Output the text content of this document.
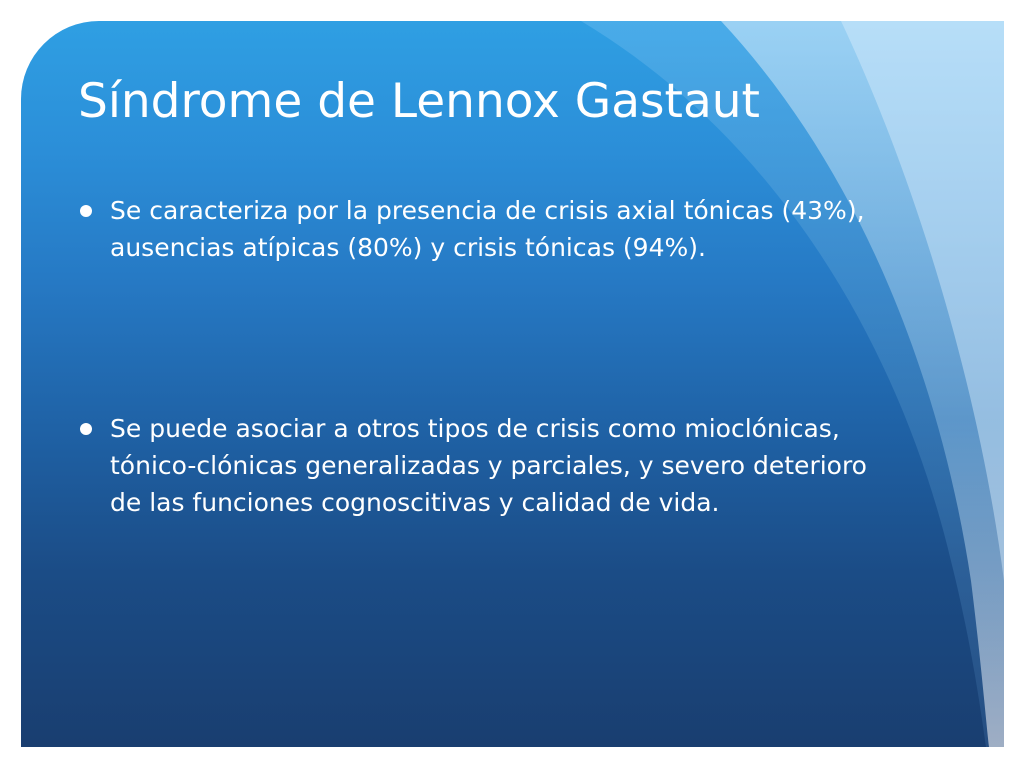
Síndrome de Lennox Gastaut
Se caracteriza por la presencia de crisis axial tónicas (43%), ausencias atípicas (80%) y crisis tónicas (94%).
Se puede asociar a otros tipos de crisis como mioclónicas, tónico-clónicas generalizadas y parciales, y severo deterioro de las funciones cognoscitivas y calidad de vida.
